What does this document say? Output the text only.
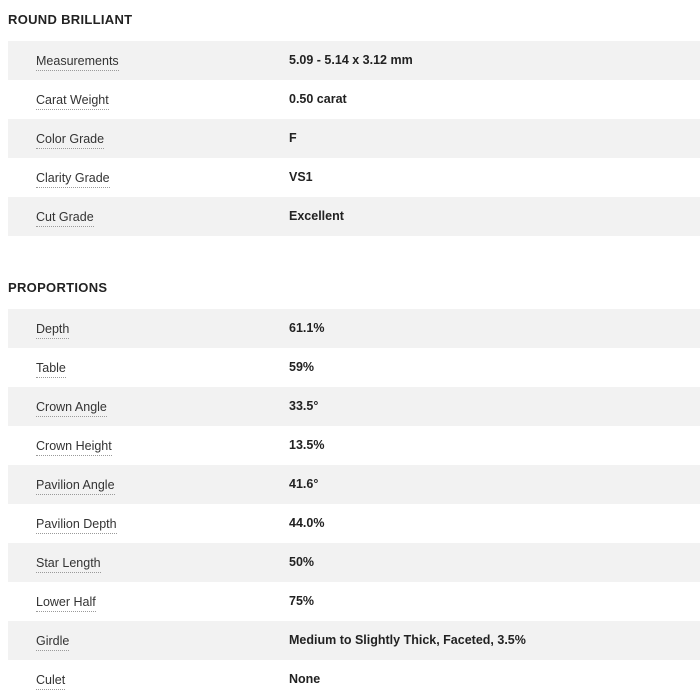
ROUND BRILLIANT
Measurements	5.09 - 5.14 x 3.12 mm
Carat Weight	0.50 carat
Color Grade	F
Clarity Grade	VS1
Cut Grade	Excellent
PROPORTIONS
Depth	61.1%
Table	59%
Crown Angle	33.5°
Crown Height	13.5%
Pavilion Angle	41.6°
Pavilion Depth	44.0%
Star Length	50%
Lower Half	75%
Girdle	Medium to Slightly Thick, Faceted, 3.5%
Culet	None
